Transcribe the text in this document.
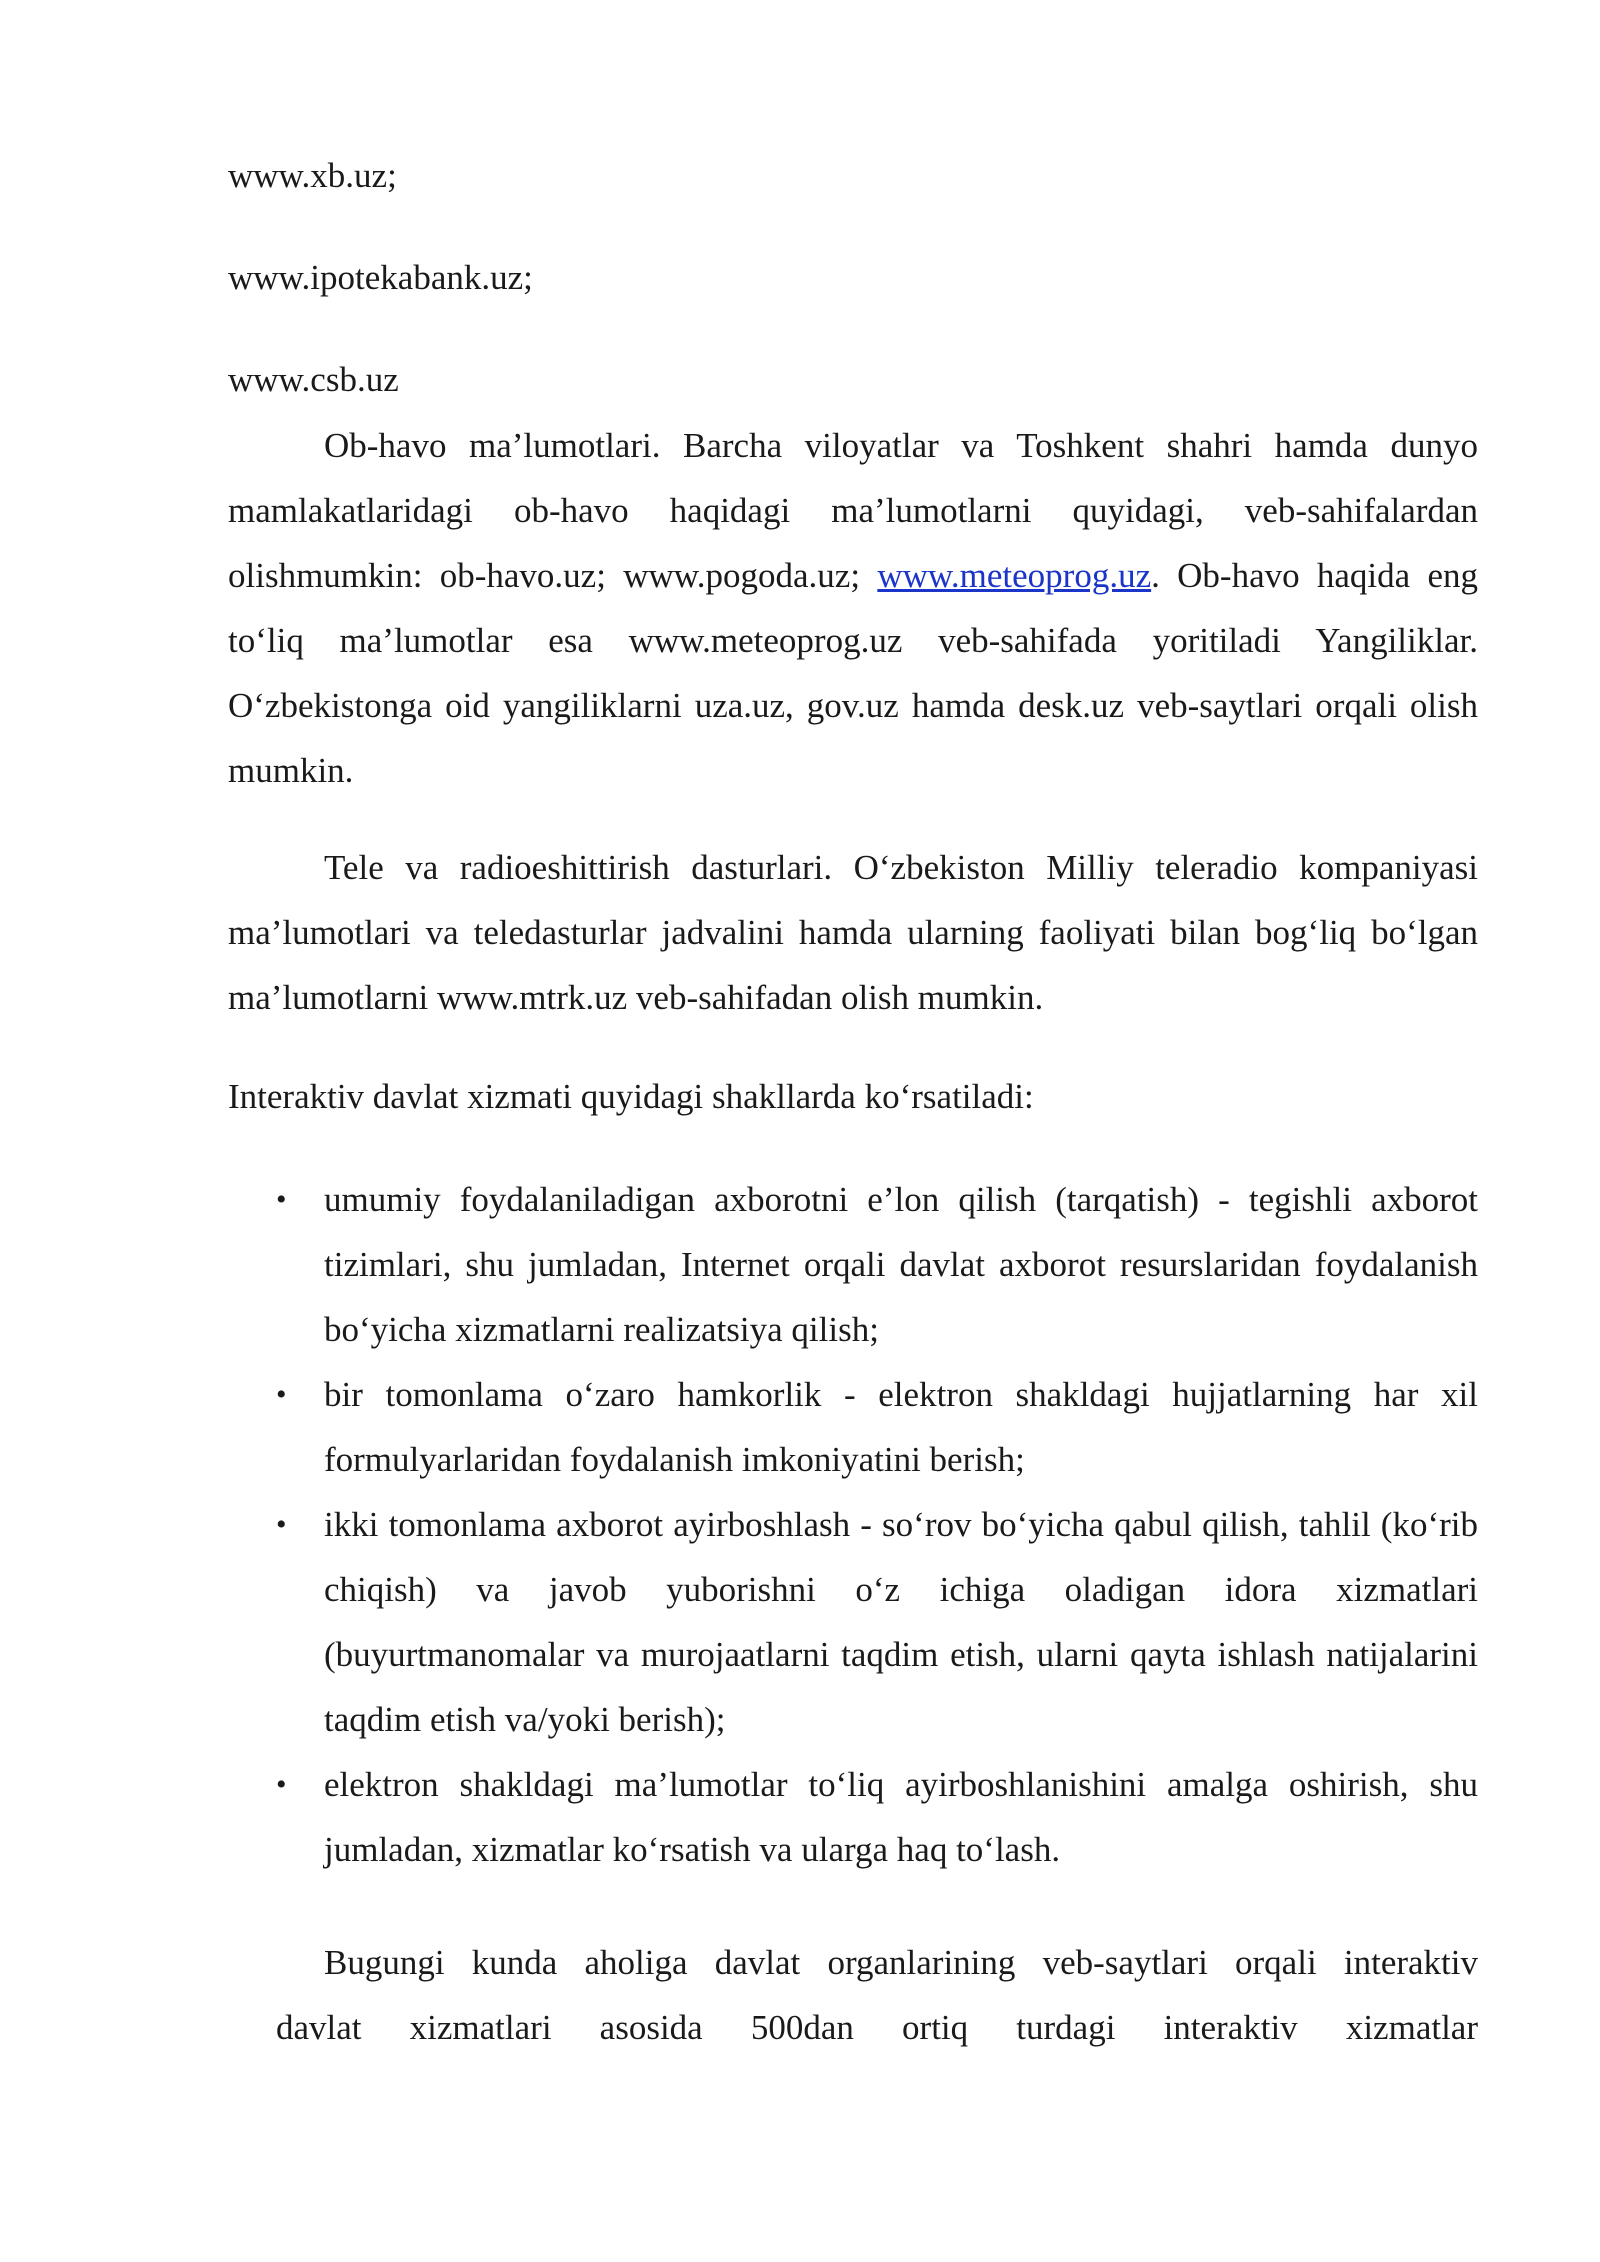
www.xb.uz;

www.ipotekabank.uz;

www.csb.uz

Ob-havo ma’lumotlari. Barcha viloyatlar va Toshkent shahri hamda dunyo mamlakatlaridagi ob-havo haqidagi ma’lumotlarni quyidagi, veb-sahifalardan olishmumkin: ob-havo.uz; www.pogoda.uz; www.meteoprog.uz. Ob-havo haqida eng to‘liq ma’lumotlar esa www.meteoprog.uz veb-sahifada yoritiladi Yangiliklar. O‘zbekistonga oid yangiliklarni uza.uz, gov.uz hamda desk.uz veb-saytlari orqali olish mumkin.

Tele va radioeshittirish dasturlari. O‘zbekiston Milliy teleradio kompaniyasi ma’lumotlari va teledasturlar jadvalini hamda ularning faoliyati bilan bog‘liq bo‘lgan ma’lumotlarni www.mtrk.uz veb-sahifadan olish mumkin.

Interaktiv davlat xizmati quyidagi shakllarda ko‘rsatiladi:

•	umumiy foydalaniladigan axborotni e’lon qilish (tarqatish) - tegishli axborot tizimlari, shu jumladan, Internet orqali davlat axborot resurslaridan foydalanish bo‘yicha xizmatlarni realizatsiya qilish;
•	bir tomonlama o‘zaro hamkorlik - elektron shakldagi hujjatlarning har xil formulyarlaridan foydalanish imkoniyatini berish;
•	ikki tomonlama axborot ayirboshlash - so‘rov bo‘yicha qabul qilish, tahlil (ko‘rib chiqish) va javob yuborishni o‘z ichiga oladigan idora xizmatlari (buyurtmanomalar va murojaatlarni taqdim etish, ularni qayta ishlash natijalarini taqdim etish va/yoki berish);
•	elektron shakldagi ma’lumotlar to‘liq ayirboshlanishini amalga oshirish, shu jumladan, xizmatlar ko‘rsatish va ularga haq to‘lash.
Bugungi kunda aholiga davlat organlarining veb-saytlari orqali interaktiv
davlat xizmatlari asosida 500dan ortiq turdagi interaktiv xizmatlar
